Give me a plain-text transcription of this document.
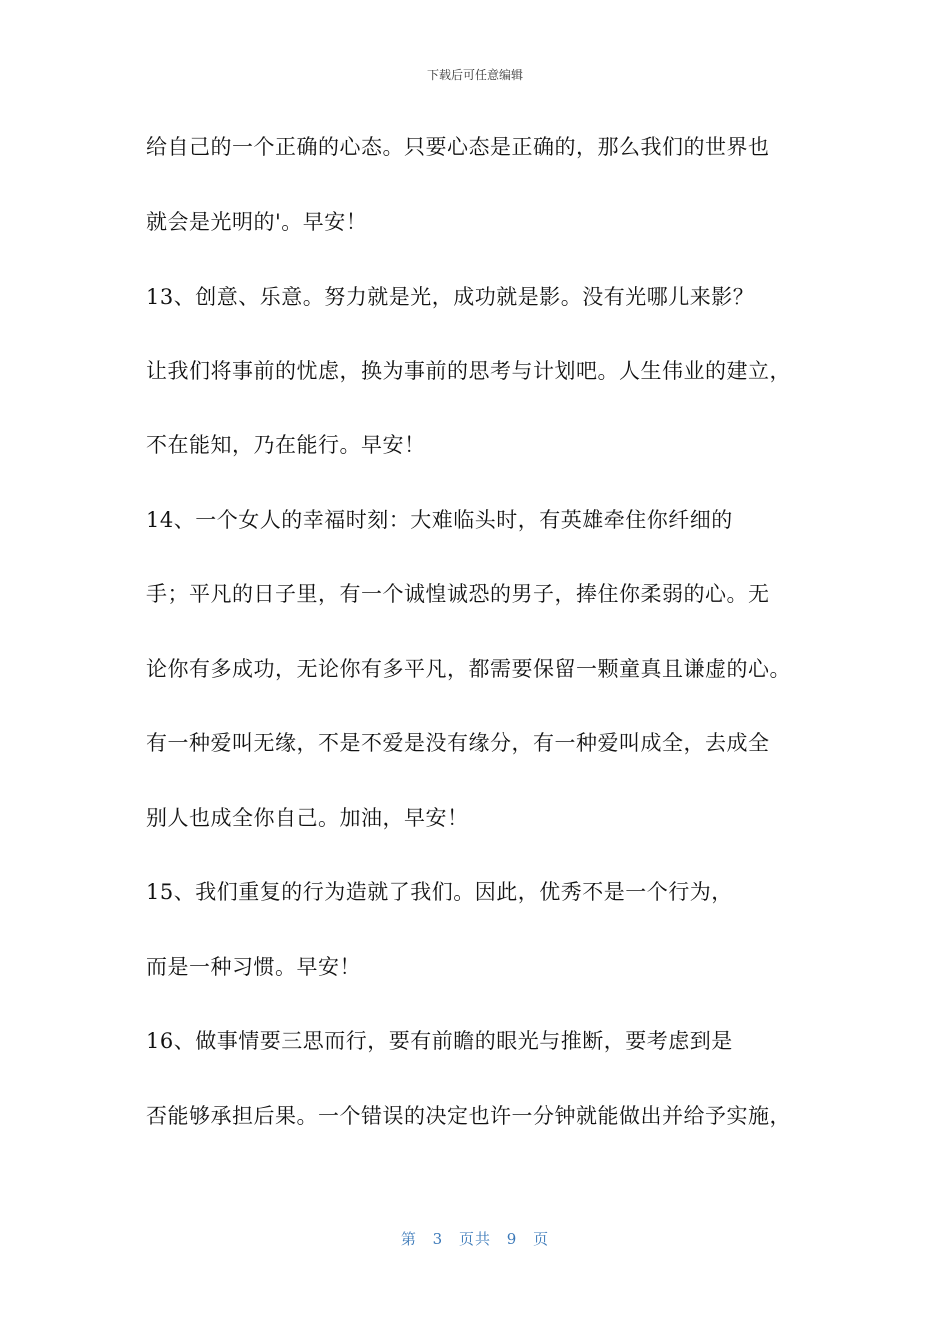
下载后可任意编辑
给自己的一个正确的心态。只要心态是正确的，那么我们的世界也
就会是光明的'。早安！
13、创意、乐意。努力就是光，成功就是影。没有光哪儿来影？
让我们将事前的忧虑，换为事前的思考与计划吧。人生伟业的建立，
不在能知，乃在能行。早安！
14、一个女人的幸福时刻：大难临头时，有英雄牵住你纤细的
手；平凡的日子里，有一个诚惶诚恐的男子，捧住你柔弱的心。无
论你有多成功，无论你有多平凡，都需要保留一颗童真且谦虚的心。
有一种爱叫无缘，不是不爱是没有缘分，有一种爱叫成全，去成全
别人也成全你自己。加油，早安！
15、我们重复的行为造就了我们。因此，优秀不是一个行为，
而是一种习惯。早安！
16、做事情要三思而行，要有前瞻的眼光与推断，要考虑到是
否能够承担后果。一个错误的决定也许一分钟就能做出并给予实施，
第 3 页共 9 页
